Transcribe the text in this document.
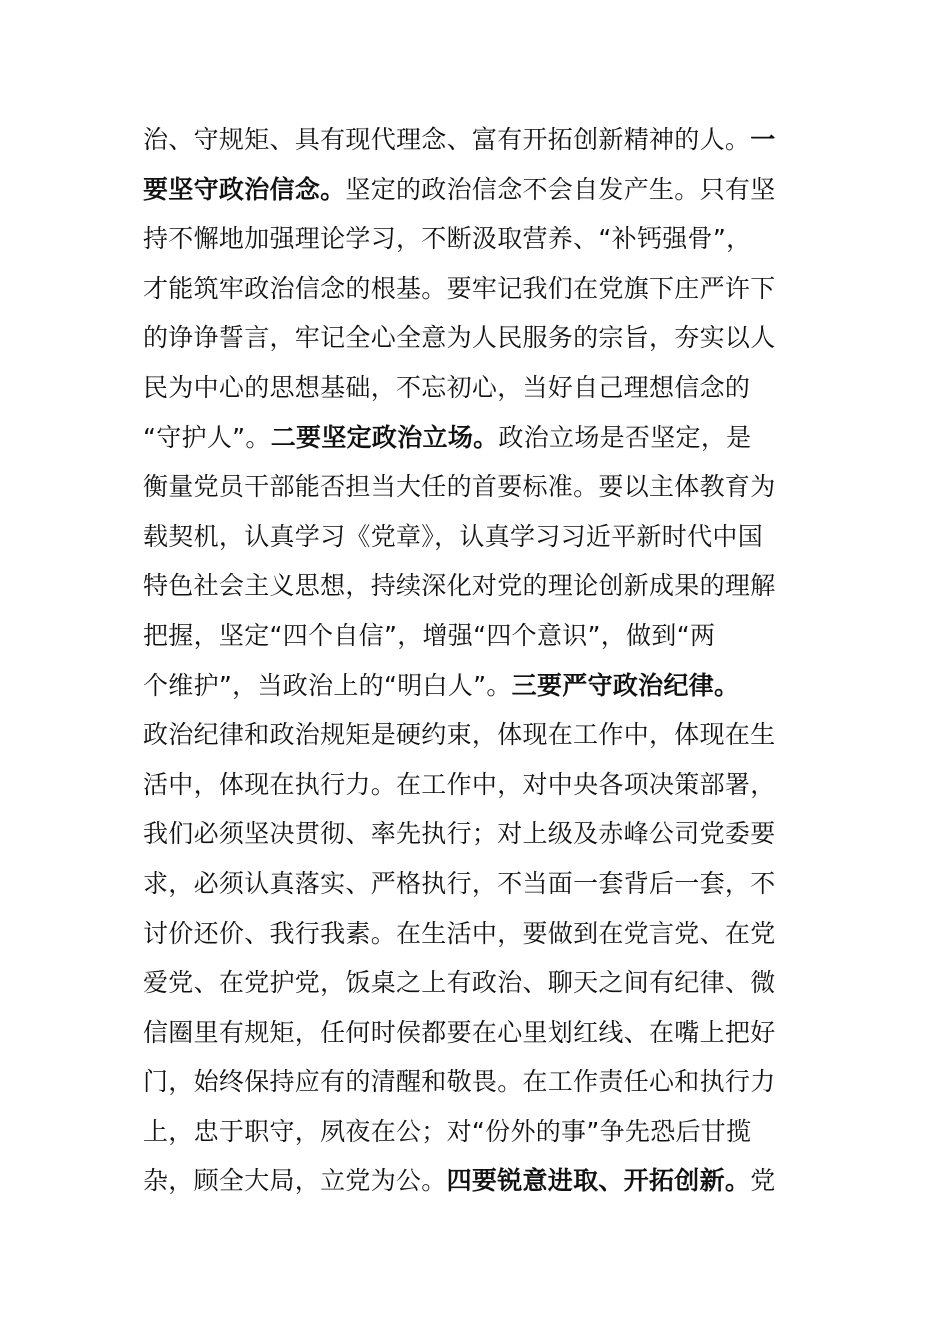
治、守规矩、具有现代理念、富有开拓创新精神的人。一
要坚守政治信念。坚定的政治信念不会自发产生。只有坚
持不懈地加强理论学习，不断汲取营养、“补钙强骨”，
才能筑牢政治信念的根基。要牢记我们在党旗下庄严许下
的诤诤誓言，牢记全心全意为人民服务的宗旨，夯实以人
民为中心的思想基础，不忘初心，当好自己理想信念的
“守护人”。二要坚定政治立场。政治立场是否坚定，是
衡量党员干部能否担当大任的首要标准。要以主体教育为
载契机，认真学习《党章》，认真学习习近平新时代中国
特色社会主义思想，持续深化对党的理论创新成果的理解
把握，坚定“四个自信”，增强“四个意识”，做到“两
个维护”，当政治上的“明白人”。三要严守政治纪律。
政治纪律和政治规矩是硬约束，体现在工作中，体现在生
活中，体现在执行力。在工作中，对中央各项决策部署，
我们必须坚决贯彻、率先执行；对上级及赤峰公司党委要
求，必须认真落实、严格执行，不当面一套背后一套，不
讨价还价、我行我素。在生活中，要做到在党言党、在党
爱党、在党护党，饭桌之上有政治、聊天之间有纪律、微
信圈里有规矩，任何时侯都要在心里划红线、在嘴上把好
门，始终保持应有的清醒和敬畏。在工作责任心和执行力
上，忠于职守，夙夜在公；对“份外的事”争先恐后甘揽
杂，顾全大局，立党为公。四要锐意进取、开拓创新。党
